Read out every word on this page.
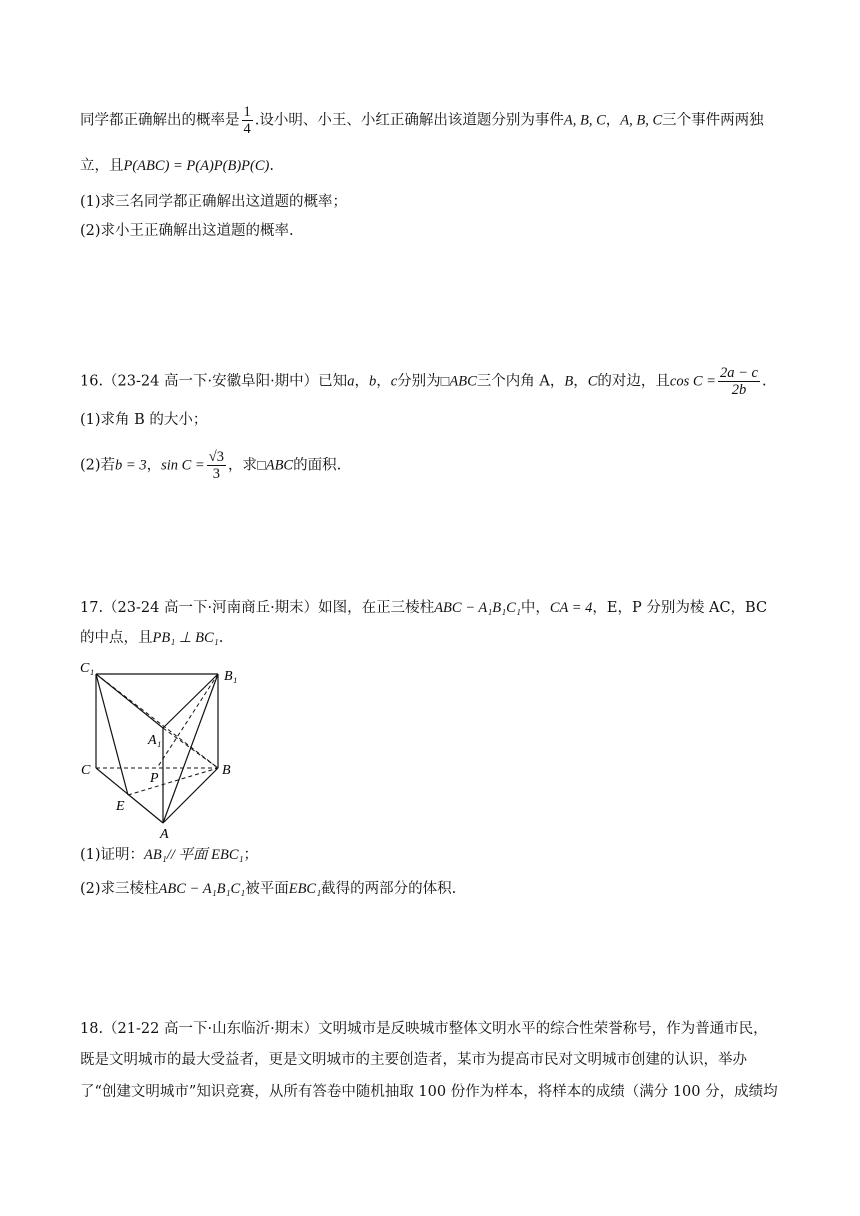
同学都正确解出的概率是 $\frac{1}{4}$ .设小明、小王、小红正确解出该道题分别为事件A, B, C，A, B, C三个事件两两独
立，且P(ABC) = P(A)P(B)P(C).
(1)求三名同学都正确解出这道题的概率；
(2)求小王正确解出这道题的概率.
16.（23-24 高一下·安徽阜阳·期中）已知a，b，c分别为□ABC三个内角 A，B，C的对边，且$\cos C = \frac{2a - c}{2b}$ .
(1)求角 B 的大小；
(2)若b = 3，$\sin C = \frac{√3}{3}$ ，求□ABC的面积.
17.（23-24 高一下·河南商丘·期末）如图，在正三棱柱ABC − A₁B₁C₁中，CA = 4，E，P 分别为棱 AC，BC
的中点，且PB₁ ⊥ BC₁.
C₁
B₁
A₁
C
P
B
E
A
(1)证明：AB₁// 平面 EBC₁；
(2)求三棱柱ABC − A₁B₁C₁被平面EBC₁截得的两部分的体积.
18.（21-22 高一下·山东临沂·期末）文明城市是反映城市整体文明水平的综合性荣誉称号，作为普通市民，
既是文明城市的最大受益者，更是文明城市的主要创造者，某市为提高市民对文明城市创建的认识，举办
了“创建文明城市”知识竞赛，从所有答卷中随机抽取 100 份作为样本，将样本的成绩（满分 100 分，成绩均
